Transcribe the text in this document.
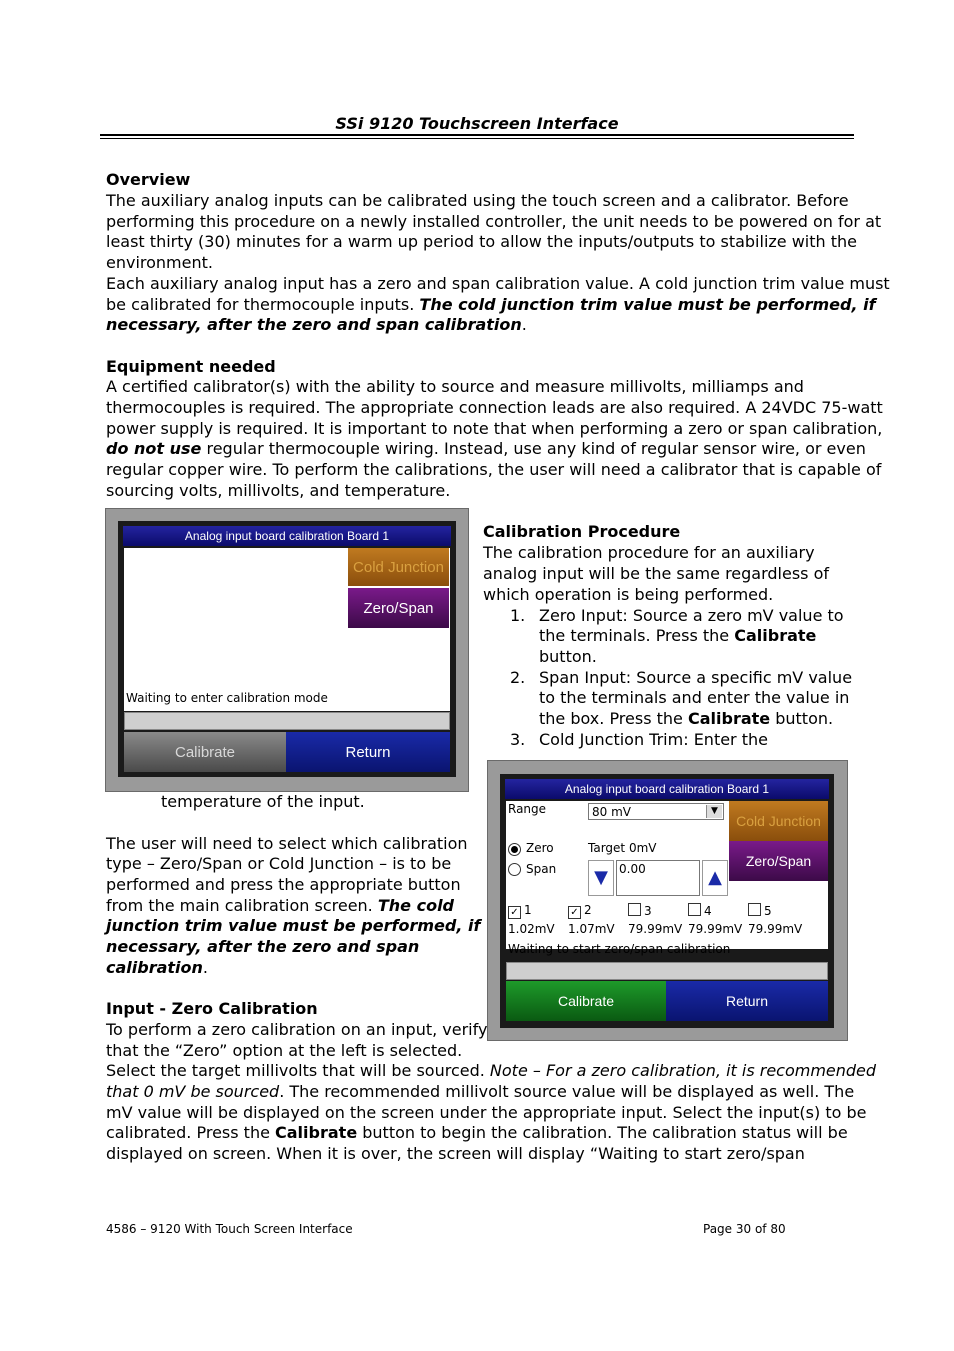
SSi 9120 Touchscreen Interface
Overview
The auxiliary analog inputs can be calibrated using the touch screen and a calibrator. Before
performing this procedure on a newly installed controller, the unit needs to be powered on for at
least thirty (30) minutes for a warm up period to allow the inputs/outputs to stabilize with the
environment.
Each auxiliary analog input has a zero and span calibration value. A cold junction trim value must
be calibrated for thermocouple inputs. The cold junction trim value must be performed, if
necessary, after the zero and span calibration.
Equipment needed
A certified calibrator(s) with the ability to source and measure millivolts, milliamps and
thermocouples is required. The appropriate connection leads are also required. A 24VDC 75-watt
power supply is required. It is important to note that when performing a zero or span calibration,
do not use regular thermocouple wiring. Instead, use any kind of regular sensor wire, or even
regular copper wire. To perform the calibrations, the user will need a calibrator that is capable of
sourcing volts, millivolts, and temperature.
Analog input board calibration Board 1
Cold Junction
Zero/Span
Waiting to enter calibration mode
Calibrate	Return
Calibration Procedure
The calibration procedure for an auxiliary
analog input will be the same regardless of
which operation is being performed.
1. Zero Input: Source a zero mV value to
the terminals. Press the Calibrate
button.
2. Span Input: Source a specific mV value
to the terminals and enter the value in
the box. Press the Calibrate button.
3. Cold Junction Trim: Enter the
Analog input board calibration Board 1
Range	80 mV	▼
Cold Junction
Zero/Span
Zero
Span
Target 0mV
▼ 0.00	▲
✓ 1	✓ 2	3	4	5
1.02mV 1.07mV 79.99mV 79.99mV 79.99mV
Waiting to start zero/span calibration
Calibrate	Return
temperature of the input.
The user will need to select which calibration
type – Zero/Span or Cold Junction – is to be
performed and press the appropriate button
from the main calibration screen. The cold
junction trim value must be performed, if
necessary, after the zero and span
calibration.
Input - Zero Calibration
To perform a zero calibration on an input, verify
that the “Zero” option at the left is selected.
Select the target millivolts that will be sourced. Note – For a zero calibration, it is recommended
that 0 mV be sourced. The recommended millivolt source value will be displayed as well. The
mV value will be displayed on the screen under the appropriate input. Select the input(s) to be
calibrated. Press the Calibrate button to begin the calibration. The calibration status will be
displayed on screen. When it is over, the screen will display “Waiting to start zero/span
4586 – 9120 With Touch Screen Interface	Page 30 of 80
